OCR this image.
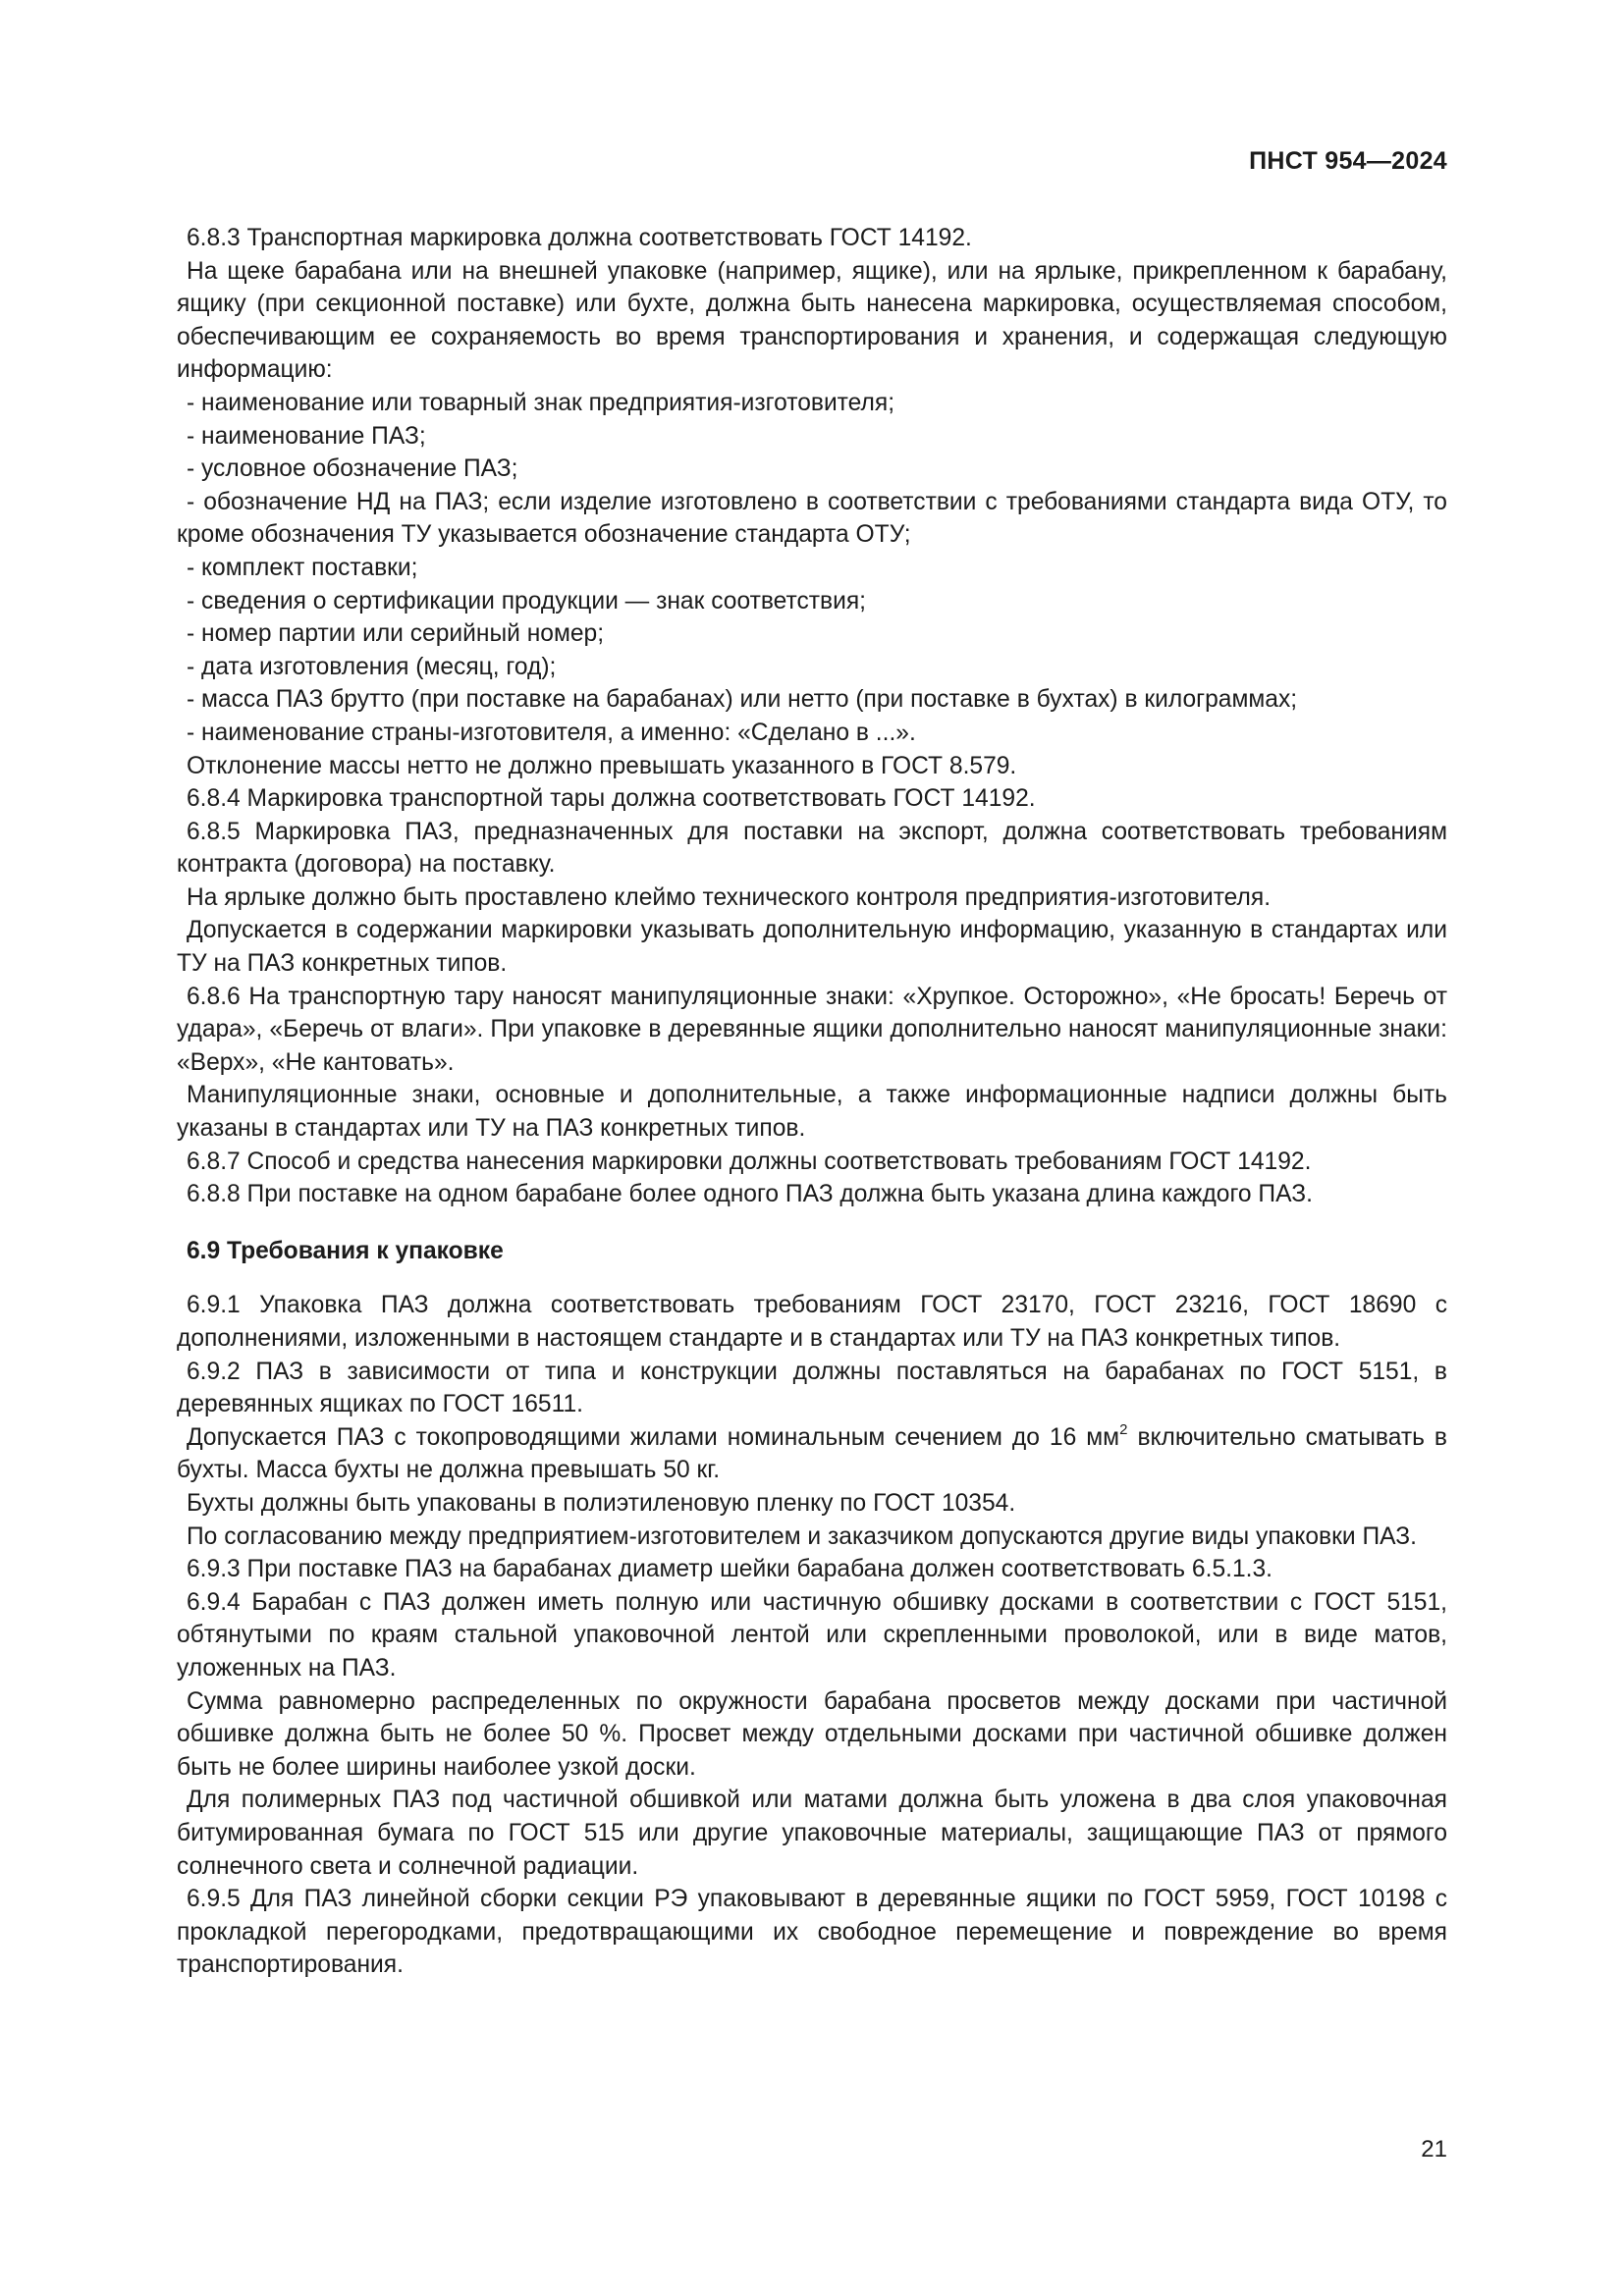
ПНСТ 954—2024

6.8.3 Транспортная маркировка должна соответствовать ГОСТ 14192.

На щеке барабана или на внешней упаковке (например, ящике), или на ярлыке, прикрепленном к барабану, ящику (при секционной поставке) или бухте, должна быть нанесена маркировка, осуществляемая способом, обеспечивающим ее сохраняемость во время транспортирования и хранения, и содержащая следующую информацию:

- наименование или товарный знак предприятия-изготовителя;

- наименование ПАЗ;

- условное обозначение ПАЗ;

- обозначение НД на ПАЗ; если изделие изготовлено в соответствии с требованиями стандарта вида ОТУ, то кроме обозначения ТУ указывается обозначение стандарта ОТУ;

- комплект поставки;

- сведения о сертификации продукции — знак соответствия;

- номер партии или серийный номер;

- дата изготовления (месяц, год);

- масса ПАЗ брутто (при поставке на барабанах) или нетто (при поставке в бухтах) в килограммах;

- наименование страны-изготовителя, а именно: «Сделано в ...».

Отклонение массы нетто не должно превышать указанного в ГОСТ 8.579.

6.8.4 Маркировка транспортной тары должна соответствовать ГОСТ 14192.

6.8.5 Маркировка ПАЗ, предназначенных для поставки на экспорт, должна соответствовать требованиям контракта (договора) на поставку.

На ярлыке должно быть проставлено клеймо технического контроля предприятия-изготовителя.

Допускается в содержании маркировки указывать дополнительную информацию, указанную в стандартах или ТУ на ПАЗ конкретных типов.

6.8.6 На транспортную тару наносят манипуляционные знаки: «Хрупкое. Осторожно», «Не бросать! Беречь от удара», «Беречь от влаги». При упаковке в деревянные ящики дополнительно наносят манипуляционные знаки: «Верх», «Не кантовать».

Манипуляционные знаки, основные и дополнительные, а также информационные надписи должны быть указаны в стандартах или ТУ на ПАЗ конкретных типов.

6.8.7 Способ и средства нанесения маркировки должны соответствовать требованиям ГОСТ 14192.

6.8.8 При поставке на одном барабане более одного ПАЗ должна быть указана длина каждого ПАЗ.

6.9 Требования к упаковке

6.9.1 Упаковка ПАЗ должна соответствовать требованиям ГОСТ 23170, ГОСТ 23216, ГОСТ 18690 с дополнениями, изложенными в настоящем стандарте и в стандартах или ТУ на ПАЗ конкретных типов.

6.9.2 ПАЗ в зависимости от типа и конструкции должны поставляться на барабанах по ГОСТ 5151, в деревянных ящиках по ГОСТ 16511.

Допускается ПАЗ с токопроводящими жилами номинальным сечением до 16 $мм^2$ включительно сматывать в бухты. Масса бухты не должна превышать 50 кг.

Бухты должны быть упакованы в полиэтиленовую пленку по ГОСТ 10354.

По согласованию между предприятием-изготовителем и заказчиком допускаются другие виды упаковки ПАЗ.

6.9.3 При поставке ПАЗ на барабанах диаметр шейки барабана должен соответствовать 6.5.1.3.

6.9.4 Барабан с ПАЗ должен иметь полную или частичную обшивку досками в соответствии с ГОСТ 5151, обтянутыми по краям стальной упаковочной лентой или скрепленными проволокой, или в виде матов, уложенных на ПАЗ.

Сумма равномерно распределенных по окружности барабана просветов между досками при частичной обшивке должна быть не более 50 %. Просвет между отдельными досками при частичной обшивке должен быть не более ширины наиболее узкой доски.

Для полимерных ПАЗ под частичной обшивкой или матами должна быть уложена в два слоя упаковочная битумированная бумага по ГОСТ 515 или другие упаковочные материалы, защищающие ПАЗ от прямого солнечного света и солнечной радиации.

6.9.5 Для ПАЗ линейной сборки секции РЭ упаковывают в деревянные ящики по ГОСТ 5959, ГОСТ 10198 с прокладкой перегородками, предотвращающими их свободное перемещение и повреждение во время транспортирования.

21
